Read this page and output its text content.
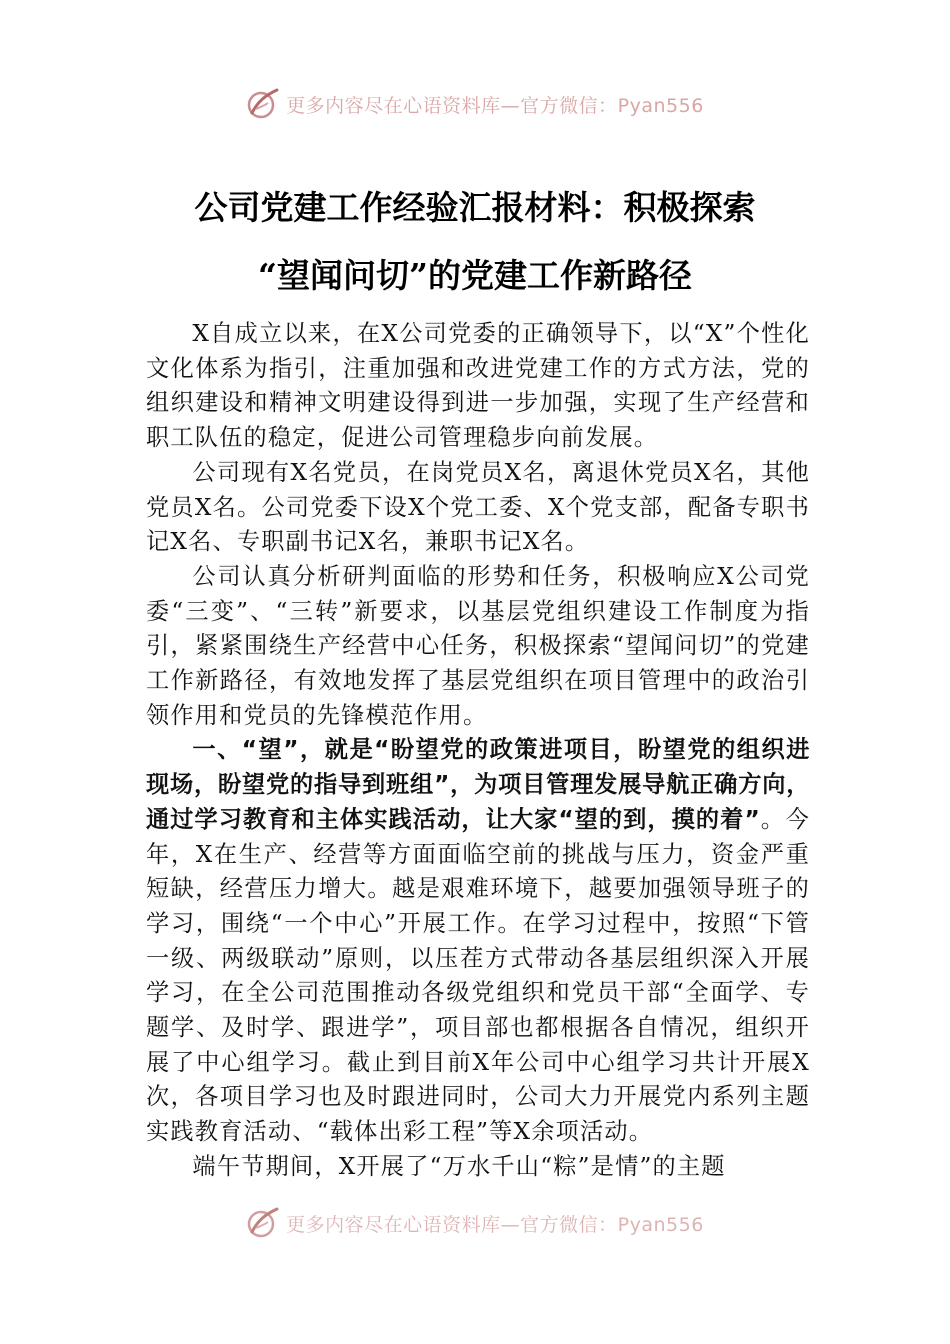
更多内容尽在心语资料库 —官方微信：Pyan556
公司党建工作经验汇报材料：积极探索
“望闻问切”的党建工作新路径

X自成立以来，在X公司党委的正确领导下，以“X”个性化文化体系为指引，注重加强和改进党建工作的方式方法，党的组织建设和精神文明建设得到进一步加强，实现了生产经营和职工队伍的稳定，促进公司管理稳步向前发展。

公司现有X名党员，在岗党员X名，离退休党员X名，其他党员X名。公司党委下设X个党工委、X个党支部，配备专职书记X名、专职副书记X名，兼职书记X名。

公司认真分析研判面临的形势和任务，积极响应X公司党委“三变”、“三转”新要求，以基层党组织建设工作制度为指引，紧紧围绕生产经营中心任务，积极探索“望闻问切”的党建工作新路径，有效地发挥了基层党组织在项目管理中的政治引领作用和党员的先锋模范作用。

一、“望”，就是“盼望党的政策进项目，盼望党的组织进现场，盼望党的指导到班组”，为项目管理发展导航正确方向，通过学习教育和主体实践活动，让大家“望的到，摸的着”。今年，X在生产、经营等方面面临空前的挑战与压力，资金严重短缺，经营压力增大。越是艰难环境下，越要加强领导班子的学习，围绕“一个中心”开展工作。在学习过程中，按照“下管一级、两级联动”原则，以压茬方式带动各基层组织深入开展学习，在全公司范围推动各级党组织和党员干部“全面学、专题学、及时学、跟进学”，项目部也都根据各自情况，组织开展了中心组学习。截止到目前X年公司中心组学习共计开展X次，各项目学习也及时跟进同时，公司大力开展党内系列主题实践教育活动、“载体出彩工程”等X余项活动。

端午节期间，X开展了“万水千山“粽”是情”的主题

更多内容尽在心语资料库 —官方微信：Pyan556
